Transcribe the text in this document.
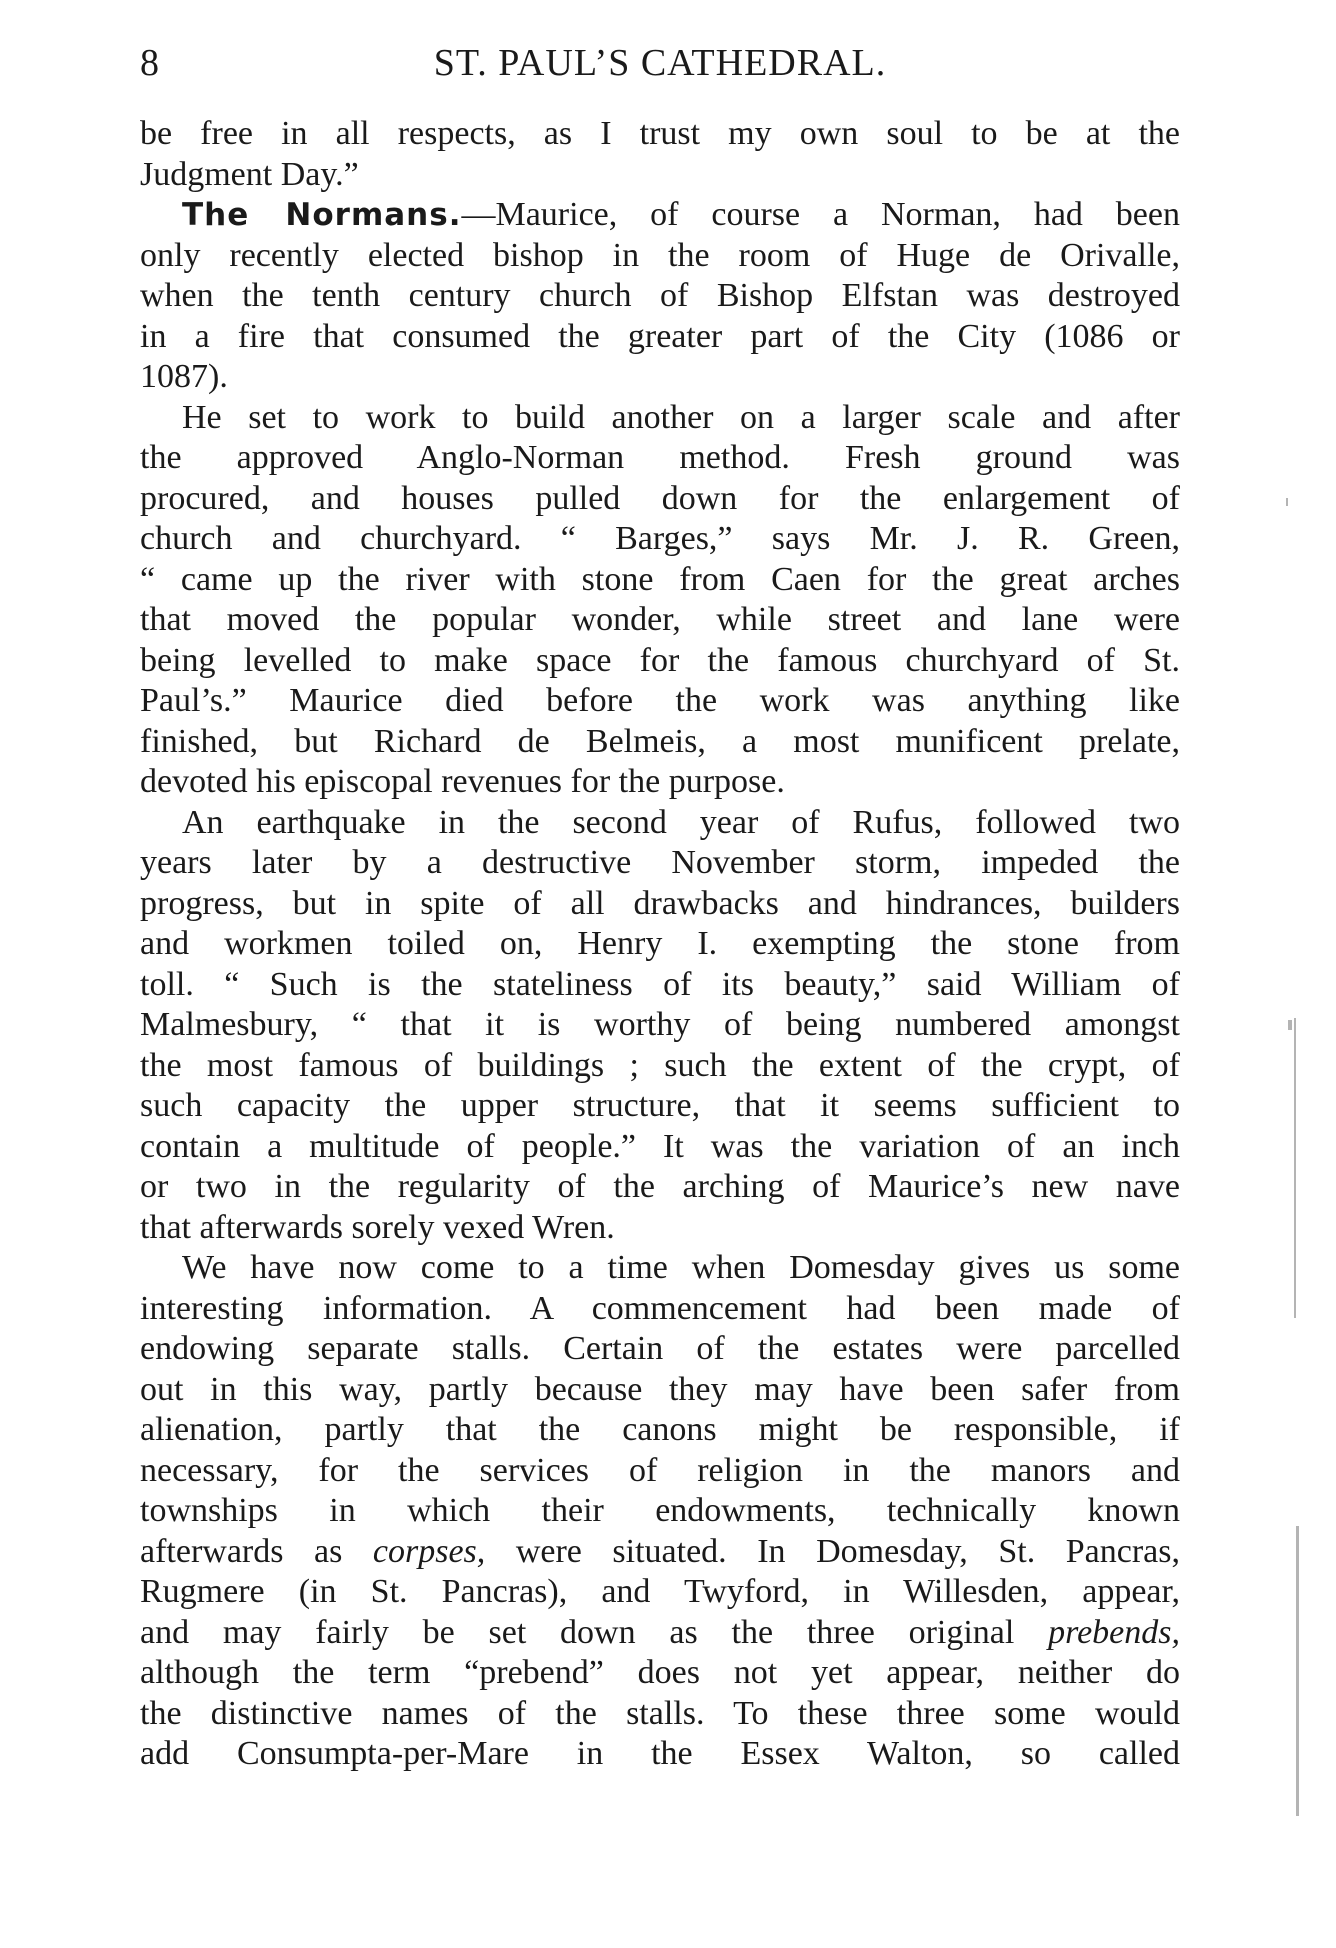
8	ST. PAUL’S CATHEDRAL.
be free in all respects, as I trust my own soul to be at the
Judgment Day.”
The Normans.—Maurice, of course a Norman, had been
only recently elected bishop in the room of Huge de Orivalle,
when the tenth century church of Bishop Elfstan was destroyed
in a fire that consumed the greater part of the City (1086 or
1087).
He set to work to build another on a larger scale and after
the approved Anglo-Norman method. Fresh ground was
procured, and houses pulled down for the enlargement of
church and churchyard. “ Barges,” says Mr. J. R. Green,
“ came up the river with stone from Caen for the great arches
that moved the popular wonder, while street and lane were
being levelled to make space for the famous churchyard of St.
Paul’s.” Maurice died before the work was anything like
finished, but Richard de Belmeis, a most munificent prelate,
devoted his episcopal revenues for the purpose.
An earthquake in the second year of Rufus, followed two
years later by a destructive November storm, impeded the
progress, but in spite of all drawbacks and hindrances, builders
and workmen toiled on, Henry I. exempting the stone from
toll. “ Such is the stateliness of its beauty,” said William of
Malmesbury, “ that it is worthy of being numbered amongst
the most famous of buildings ; such the extent of the crypt, of
such capacity the upper structure, that it seems sufficient to
contain a multitude of people.” It was the variation of an inch
or two in the regularity of the arching of Maurice’s new nave
that afterwards sorely vexed Wren.
We have now come to a time when Domesday gives us some
interesting information. A commencement had been made of
endowing separate stalls. Certain of the estates were parcelled
out in this way, partly because they may have been safer from
alienation, partly that the canons might be responsible, if
necessary, for the services of religion in the manors and
townships in which their endowments, technically known
afterwards as corpses, were situated. In Domesday, St. Pancras,
Rugmere (in St. Pancras), and Twyford, in Willesden, appear,
and may fairly be set down as the three original prebends,
although the term “prebend” does not yet appear, neither do
the distinctive names of the stalls. To these three some would
add Consumpta-per-Mare in the Essex Walton, so called
